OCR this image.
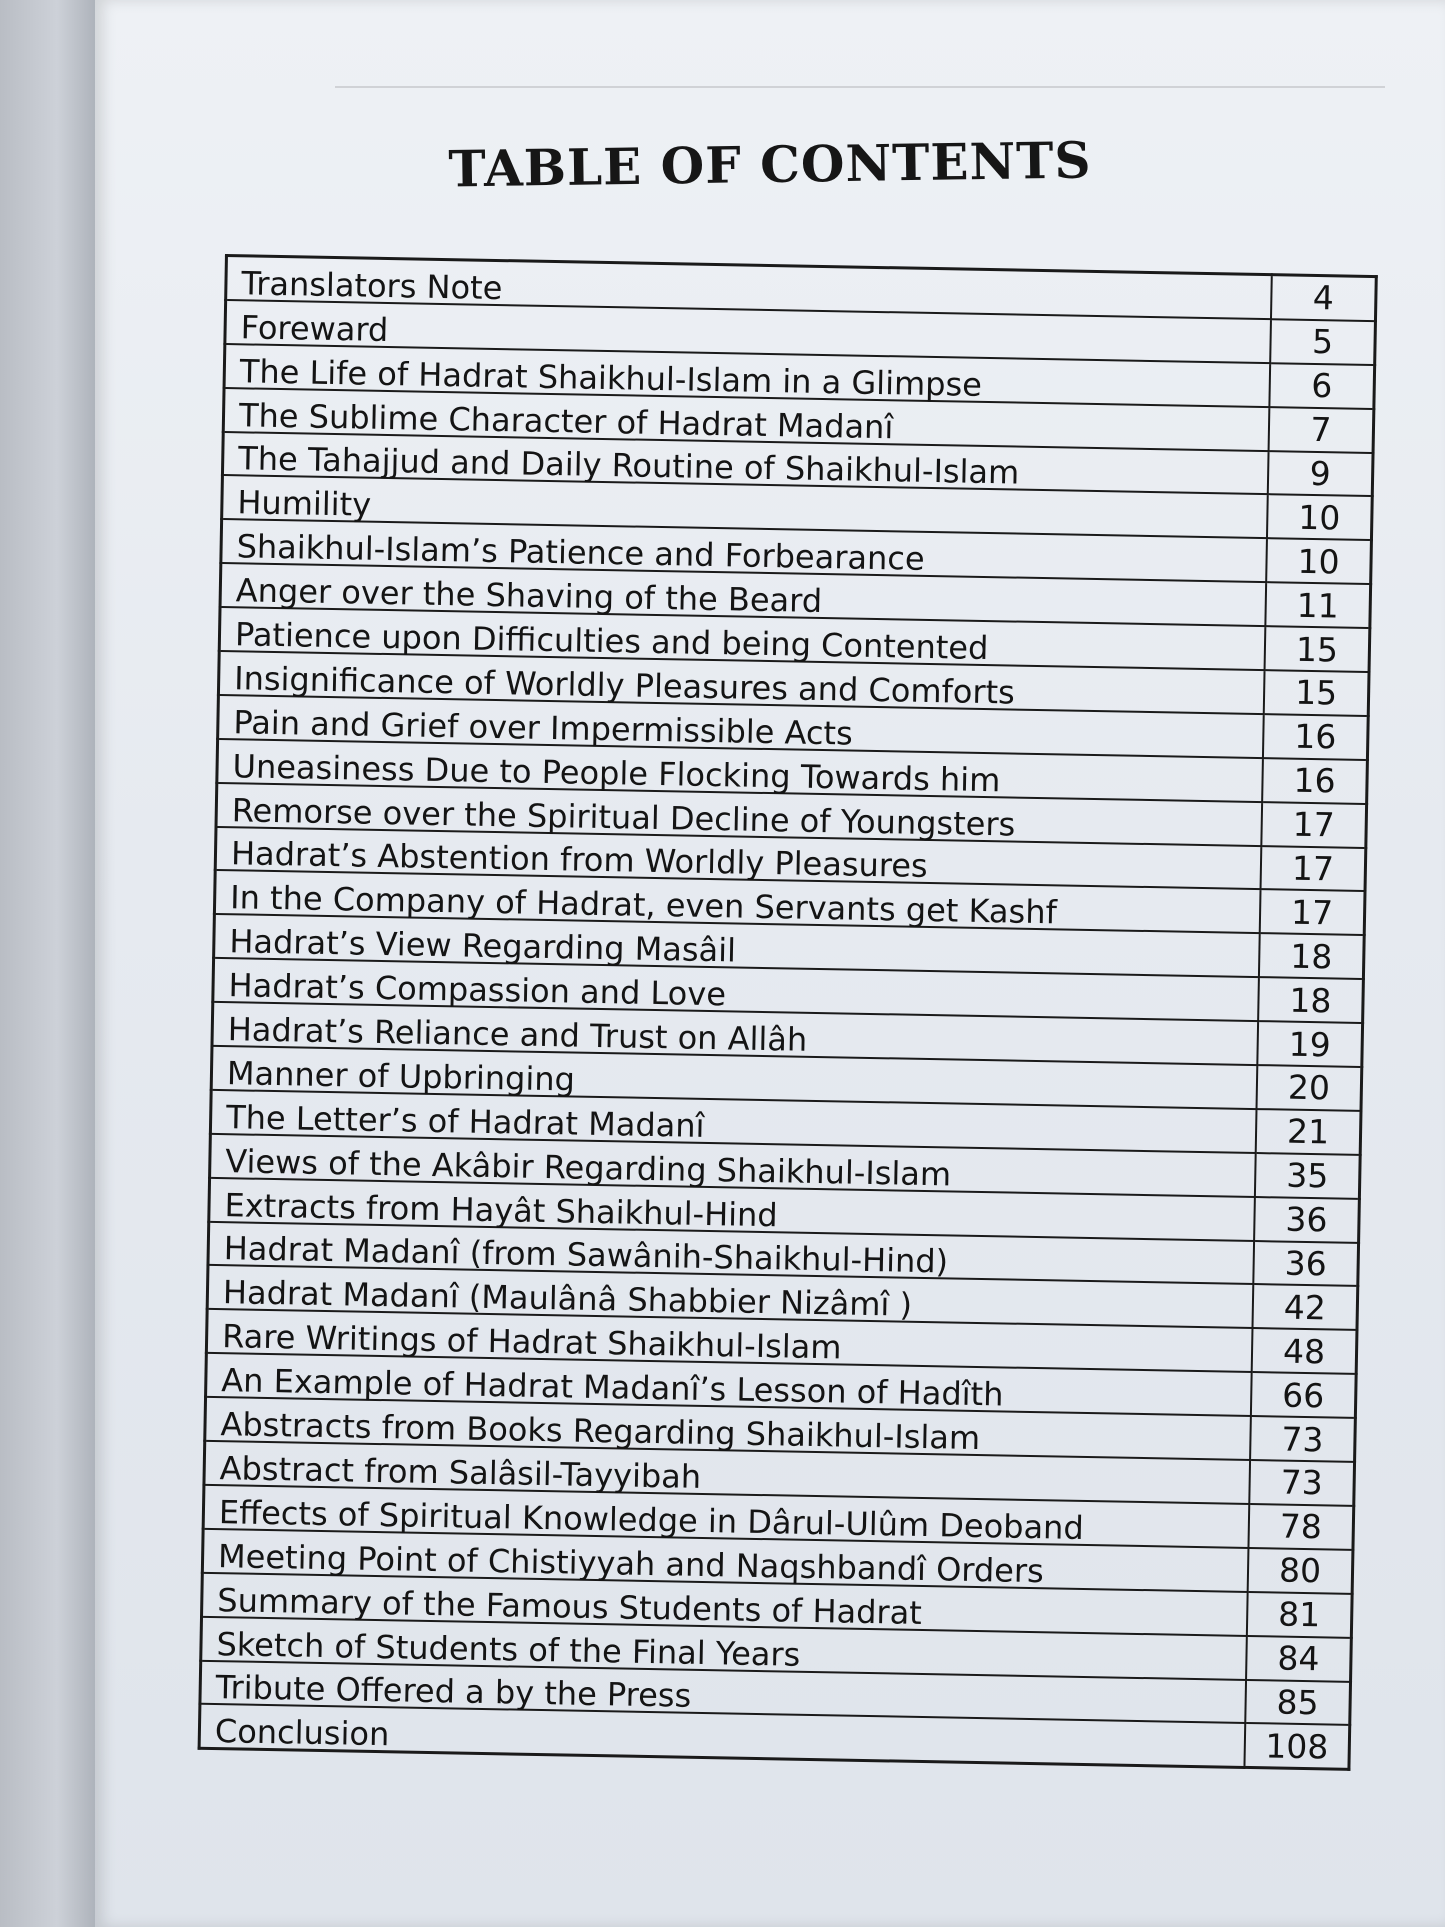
TABLE OF CONTENTS
Translators Note	4
Foreward	5
The Life of Hadrat Shaikhul-Islam in a Glimpse	6
The Sublime Character of Hadrat Madanî	7
The Tahajjud and Daily Routine of Shaikhul-Islam	9
Humility	10
Shaikhul-Islam’s Patience and Forbearance	10
Anger over the Shaving of the Beard	11
Patience upon Difficulties and being Contented	15
Insignificance of Worldly Pleasures and Comforts	15
Pain and Grief over Impermissible Acts	16
Uneasiness Due to People Flocking Towards him	16
Remorse over the Spiritual Decline of Youngsters	17
Hadrat’s Abstention from Worldly Pleasures	17
In the Company of Hadrat, even Servants get Kashf	17
Hadrat’s View Regarding Masâil	18
Hadrat’s Compassion and Love	18
Hadrat’s Reliance and Trust on Allâh	19
Manner of Upbringing	20
The Letter’s of Hadrat Madanî	21
Views of the Akâbir Regarding Shaikhul-Islam	35
Extracts from Hayât Shaikhul-Hind	36
Hadrat Madanî (from Sawânih-Shaikhul-Hind)	36
Hadrat Madanî (Maulânâ Shabbier Nizâmî )	42
Rare Writings of Hadrat Shaikhul-Islam	48
An Example of Hadrat Madanî’s Lesson of Hadîth	66
Abstracts from Books Regarding Shaikhul-Islam	73
Abstract from Salâsil-Tayyibah	73
Effects of Spiritual Knowledge in Dârul-Ulûm Deoband	78
Meeting Point of Chistiyyah and Naqshbandî Orders	80
Summary of the Famous Students of Hadrat	81
Sketch of Students of the Final Years	84
Tribute Offered a by the Press	85
Conclusion	108
